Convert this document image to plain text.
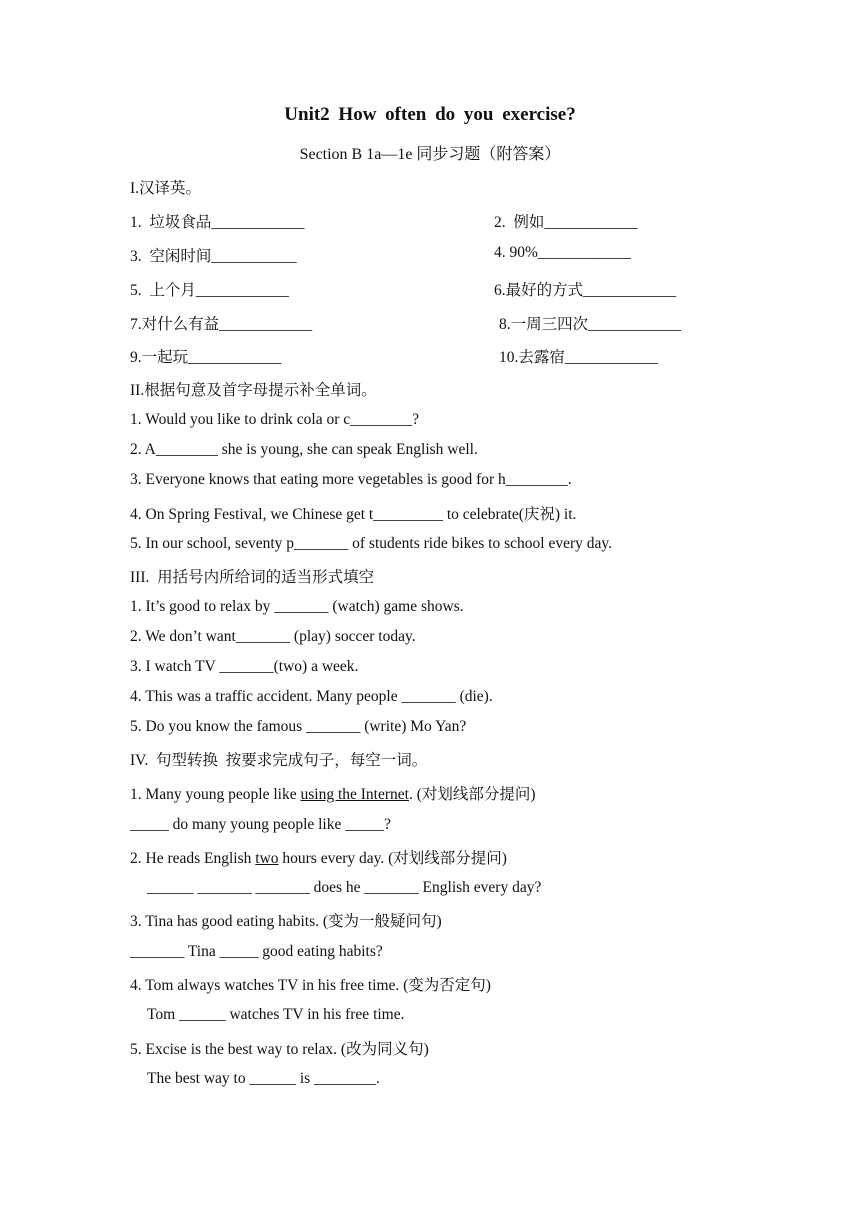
Unit2 How often do you exercise?
Section B 1a—1e 同步习题（附答案）
I.汉译英。
1.  垃圾食品____________	2.  例如____________
3.  空闲时间___________	4. 90%____________
5.  上个月____________	6.最好的方式____________
7.对什么有益____________	8.一周三四次____________
9.一起玩____________	10.去露宿____________
II.根据句意及首字母提示补全单词。
1. Would you like to drink cola or c________?
2. A________ she is young, she can speak English well.
3. Everyone knows that eating more vegetables is good for h________.
4. On Spring Festival, we Chinese get t_________ to celebrate(庆祝) it.
5. In our school, seventy p_______ of students ride bikes to school every day.
III.  用括号内所给词的适当形式填空
1. It’s good to relax by _______ (watch) game shows.
2. We don’t want_______ (play) soccer today.
3. I watch TV _______(two) a week.
4. This was a traffic accident. Many people _______ (die).
5. Do you know the famous _______ (write) Mo Yan?
IV.  句型转换  按要求完成句子，每空一词。
1. Many young people like using the Internet. (对划线部分提问)
_____ do many young people like _____?
2. He reads English two hours every day. (对划线部分提问)
______ _______ _______ does he _______ English every day?
3. Tina has good eating habits. (变为一般疑问句)
_______ Tina _____ good eating habits?
4. Tom always watches TV in his free time. (变为否定句)
Tom ______ watches TV in his free time.
5. Excise is the best way to relax. (改为同义句)
The best way to ______ is ________.
